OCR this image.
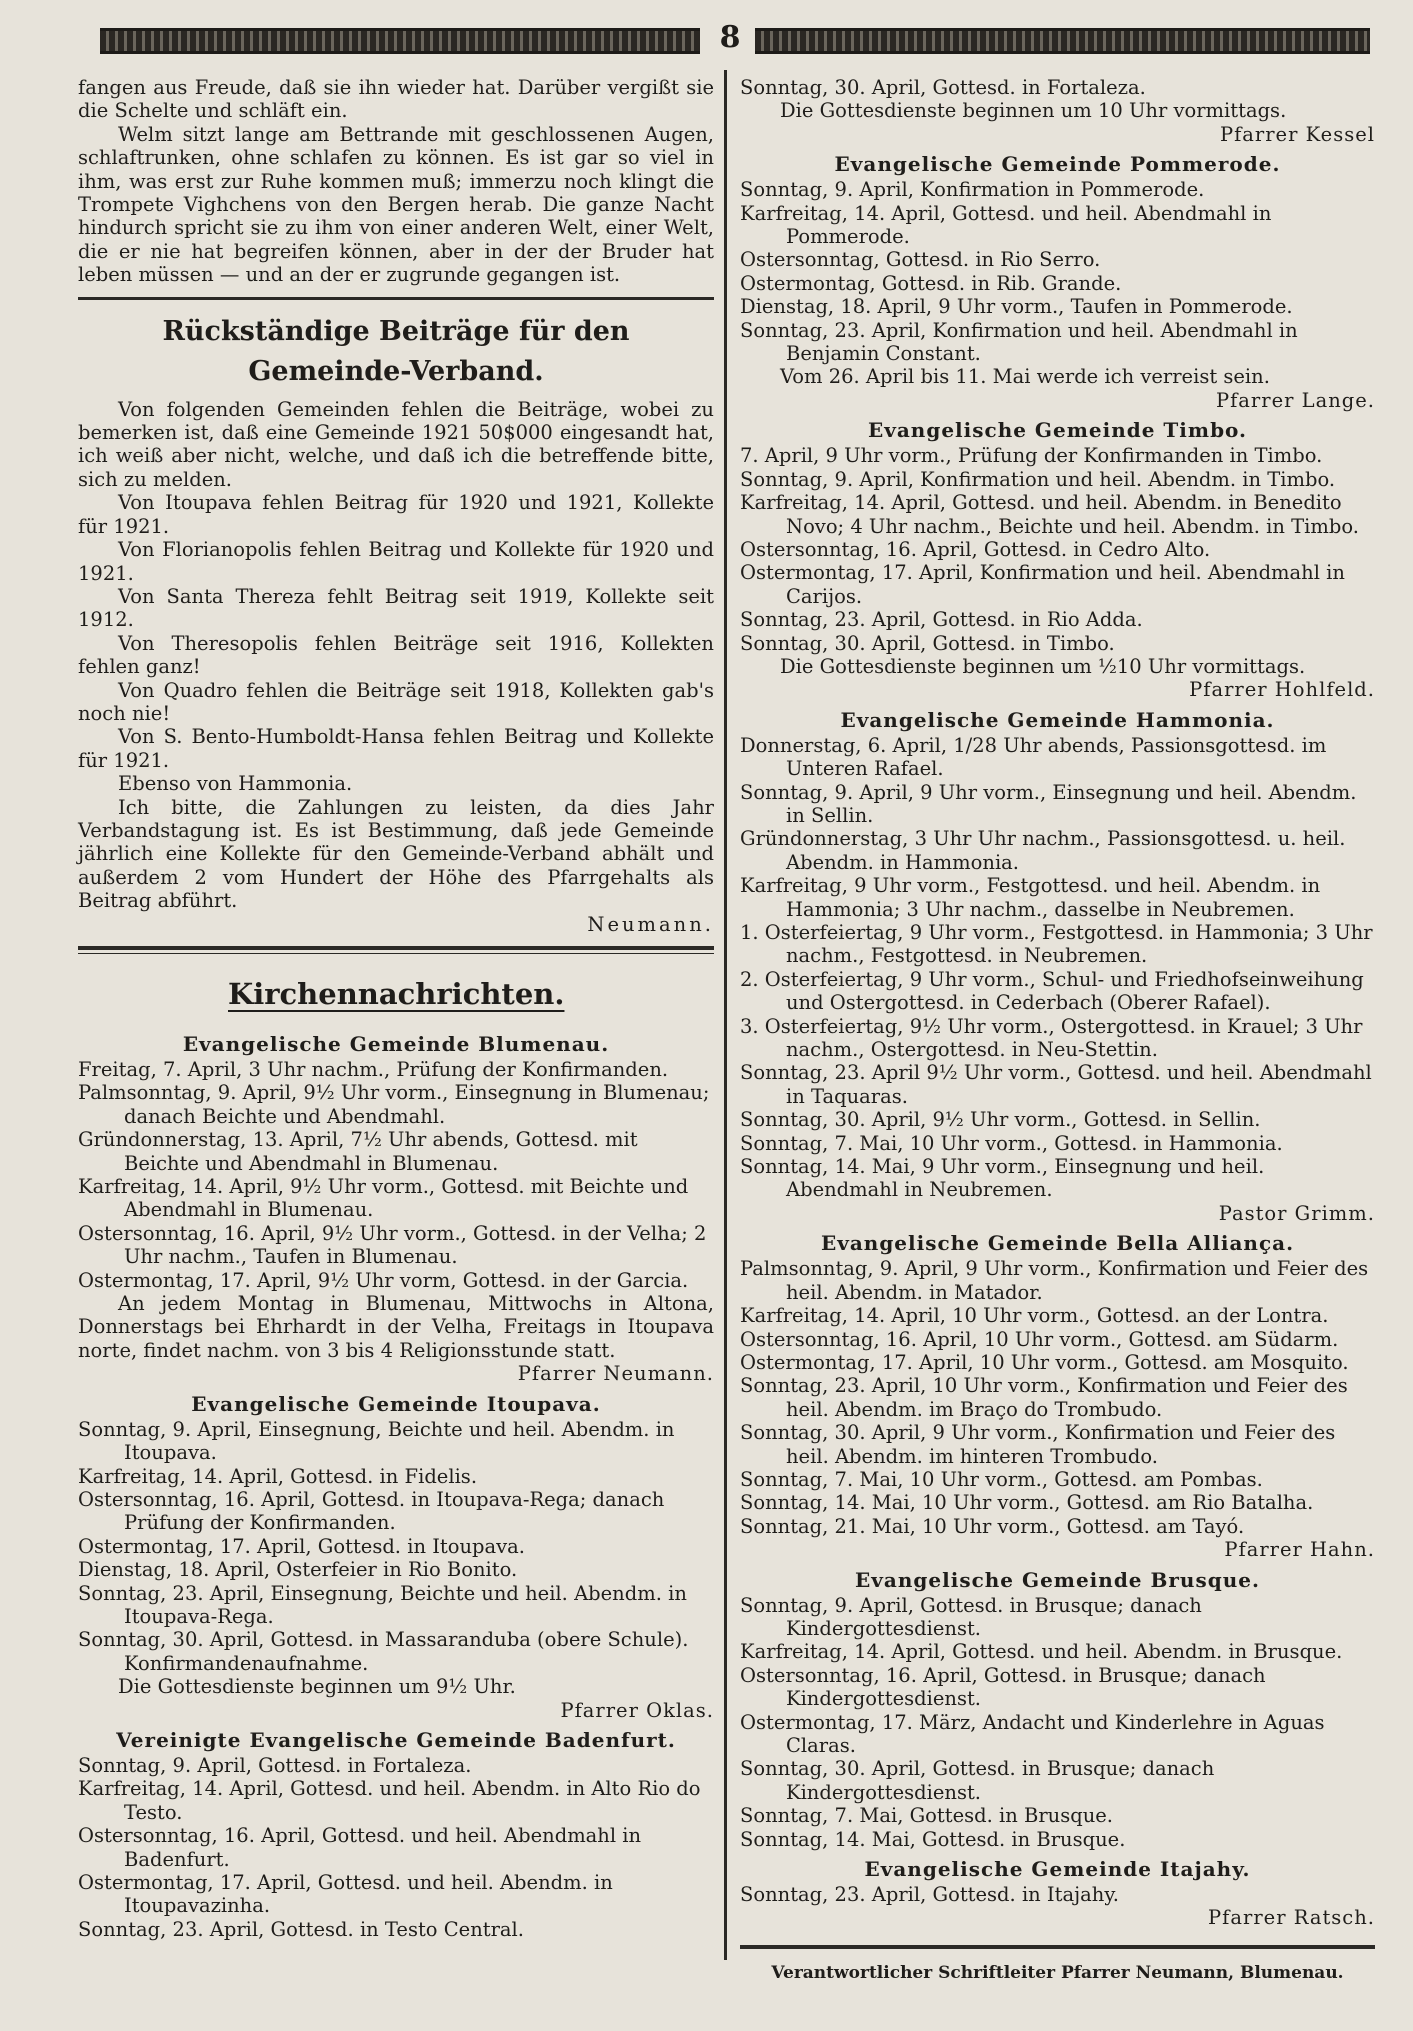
8

fangen aus Freude, daß sie ihn wieder hat. Darüber vergißt sie die Schelte und schläft ein.

Welm sitzt lange am Bettrande mit geschlossenen Augen, schlaftrunken, ohne schlafen zu können. Es ist gar so viel in ihm, was erst zur Ruhe kommen muß; immerzu noch klingt die Trompete Vighchens von den Bergen herab. Die ganze Nacht hindurch spricht sie zu ihm von einer anderen Welt, einer Welt, die er nie hat begreifen können, aber in der der Bruder hat leben müssen — und an der er zugrunde gegangen ist.

Rückständige Beiträge für den Gemeinde-Verband.

Von folgenden Gemeinden fehlen die Beiträge, wobei zu bemerken ist, daß eine Gemeinde 1921 50$000 eingesandt hat, ich weiß aber nicht, welche, und daß ich die betreffende bitte, sich zu melden.

Von Itoupava fehlen Beitrag für 1920 und 1921, Kollekte für 1921.

Von Florianopolis fehlen Beitrag und Kollekte für 1920 und 1921.

Von Santa Thereza fehlt Beitrag seit 1919, Kollekte seit 1912.

Von Theresopolis fehlen Beiträge seit 1916, Kollekten fehlen ganz!

Von Quadro fehlen die Beiträge seit 1918, Kollekten gab's noch nie!

Von S. Bento-Humboldt-Hansa fehlen Beitrag und Kollekte für 1921.

Ebenso von Hammonia.

Ich bitte, die Zahlungen zu leisten, da dies Jahr Verbandstagung ist. Es ist Bestimmung, daß jede Gemeinde jährlich eine Kollekte für den Gemeinde-Verband abhält und außerdem 2 vom Hundert der Höhe des Pfarrgehalts als Beitrag abführt.

Neumann.

Kirchennachrichten.
Evangelische Gemeinde Blumenau.

Freitag, 7. April, 3 Uhr nachm., Prüfung der Konfirmanden.

Palmsonntag, 9. April, 9½ Uhr vorm., Einsegnung in Blumenau; danach Beichte und Abendmahl.

Gründonnerstag, 13. April, 7½ Uhr abends, Gottesd. mit Beichte und Abendmahl in Blumenau.

Karfreitag, 14. April, 9½ Uhr vorm., Gottesd. mit Beichte und Abendmahl in Blumenau.

Ostersonntag, 16. April, 9½ Uhr vorm., Gottesd. in der Velha; 2 Uhr nachm., Taufen in Blumenau.

Ostermontag, 17. April, 9½ Uhr vorm, Gottesd. in der Garcia.

An jedem Montag in Blumenau, Mittwochs in Altona, Donnerstags bei Ehrhardt in der Velha, Freitags in Itoupava norte, findet nachm. von 3 bis 4 Religionsstunde statt.

Pfarrer Neumann.

Evangelische Gemeinde Itoupava.

Sonntag, 9. April, Einsegnung, Beichte und heil. Abendm. in Itoupava.

Karfreitag, 14. April, Gottesd. in Fidelis.

Ostersonntag, 16. April, Gottesd. in Itoupava-Rega; danach Prüfung der Konfirmanden.

Ostermontag, 17. April, Gottesd. in Itoupava.

Dienstag, 18. April, Osterfeier in Rio Bonito.

Sonntag, 23. April, Einsegnung, Beichte und heil. Abendm. in Itoupava-Rega.

Sonntag, 30. April, Gottesd. in Massaranduba (obere Schule). Konfirmandenaufnahme.

Die Gottesdienste beginnen um 9½ Uhr.

Pfarrer Oklas.

Vereinigte Evangelische Gemeinde Badenfurt.

Sonntag, 9. April, Gottesd. in Fortaleza.

Karfreitag, 14. April, Gottesd. und heil. Abendm. in Alto Rio do Testo.

Ostersonntag, 16. April, Gottesd. und heil. Abendmahl in Badenfurt.

Ostermontag, 17. April, Gottesd. und heil. Abendm. in Itoupavazinha.

Sonntag, 23. April, Gottesd. in Testo Central.

Sonntag, 30. April, Gottesd. in Fortaleza.

Die Gottesdienste beginnen um 10 Uhr vormittags.

Pfarrer Kessel

Evangelische Gemeinde Pommerode.

Sonntag, 9. April, Konfirmation in Pommerode.

Karfreitag, 14. April, Gottesd. und heil. Abendmahl in Pommerode.

Ostersonntag, Gottesd. in Rio Serro.

Ostermontag, Gottesd. in Rib. Grande.

Dienstag, 18. April, 9 Uhr vorm., Taufen in Pommerode.

Sonntag, 23. April, Konfirmation und heil. Abendmahl in Benjamin Constant.

Vom 26. April bis 11. Mai werde ich verreist sein.

Pfarrer Lange.

Evangelische Gemeinde Timbo.

7. April, 9 Uhr vorm., Prüfung der Konfirmanden in Timbo.

Sonntag, 9. April, Konfirmation und heil. Abendm. in Timbo.

Karfreitag, 14. April, Gottesd. und heil. Abendm. in Benedito Novo; 4 Uhr nachm., Beichte und heil. Abendm. in Timbo.

Ostersonntag, 16. April, Gottesd. in Cedro Alto.

Ostermontag, 17. April, Konfirmation und heil. Abendmahl in Carijos.

Sonntag, 23. April, Gottesd. in Rio Adda.

Sonntag, 30. April, Gottesd. in Timbo.

Die Gottesdienste beginnen um ½10 Uhr vormittags.

Pfarrer Hohlfeld.

Evangelische Gemeinde Hammonia.

Donnerstag, 6. April, 1/28 Uhr abends, Passionsgottesd. im Unteren Rafael.

Sonntag, 9. April, 9 Uhr vorm., Einsegnung und heil. Abendm. in Sellin.

Gründonnerstag, 3 Uhr Uhr nachm., Passionsgottesd. u. heil. Abendm. in Hammonia.

Karfreitag, 9 Uhr vorm., Festgottesd. und heil. Abendm. in Hammonia; 3 Uhr nachm., dasselbe in Neubremen.

1. Osterfeiertag, 9 Uhr vorm., Festgottesd. in Hammonia; 3 Uhr nachm., Festgottesd. in Neubremen.

2. Osterfeiertag, 9 Uhr vorm., Schul- und Friedhofseinweihung und Ostergottesd. in Cederbach (Oberer Rafael).

3. Osterfeiertag, 9½ Uhr vorm., Ostergottesd. in Krauel; 3 Uhr nachm., Ostergottesd. in Neu-Stettin.

Sonntag, 23. April 9½ Uhr vorm., Gottesd. und heil. Abendmahl in Taquaras.

Sonntag, 30. April, 9½ Uhr vorm., Gottesd. in Sellin.

Sonntag, 7. Mai, 10 Uhr vorm., Gottesd. in Hammonia.

Sonntag, 14. Mai, 9 Uhr vorm., Einsegnung und heil. Abendmahl in Neubremen.

Pastor Grimm.

Evangelische Gemeinde Bella Alliança.

Palmsonntag, 9. April, 9 Uhr vorm., Konfirmation und Feier des heil. Abendm. in Matador.

Karfreitag, 14. April, 10 Uhr vorm., Gottesd. an der Lontra.

Ostersonntag, 16. April, 10 Uhr vorm., Gottesd. am Südarm.

Ostermontag, 17. April, 10 Uhr vorm., Gottesd. am Mosquito.

Sonntag, 23. April, 10 Uhr vorm., Konfirmation und Feier des heil. Abendm. im Braço do Trombudo.

Sonntag, 30. April, 9 Uhr vorm., Konfirmation und Feier des heil. Abendm. im hinteren Trombudo.

Sonntag, 7. Mai, 10 Uhr vorm., Gottesd. am Pombas.

Sonntag, 14. Mai, 10 Uhr vorm., Gottesd. am Rio Batalha.

Sonntag, 21. Mai, 10 Uhr vorm., Gottesd. am Tayó.

Pfarrer Hahn.

Evangelische Gemeinde Brusque.

Sonntag, 9. April, Gottesd. in Brusque; danach Kindergottesdienst.

Karfreitag, 14. April, Gottesd. und heil. Abendm. in Brusque.

Ostersonntag, 16. April, Gottesd. in Brusque; danach Kindergottesdienst.

Ostermontag, 17. März, Andacht und Kinderlehre in Aguas Claras.

Sonntag, 30. April, Gottesd. in Brusque; danach Kindergottesdienst.

Sonntag, 7. Mai, Gottesd. in Brusque.

Sonntag, 14. Mai, Gottesd. in Brusque.

Evangelische Gemeinde Itajahy.

Sonntag, 23. April, Gottesd. in Itajahy.

Pfarrer Ratsch.

Verantwortlicher Schriftleiter Pfarrer Neumann, Blumenau.
